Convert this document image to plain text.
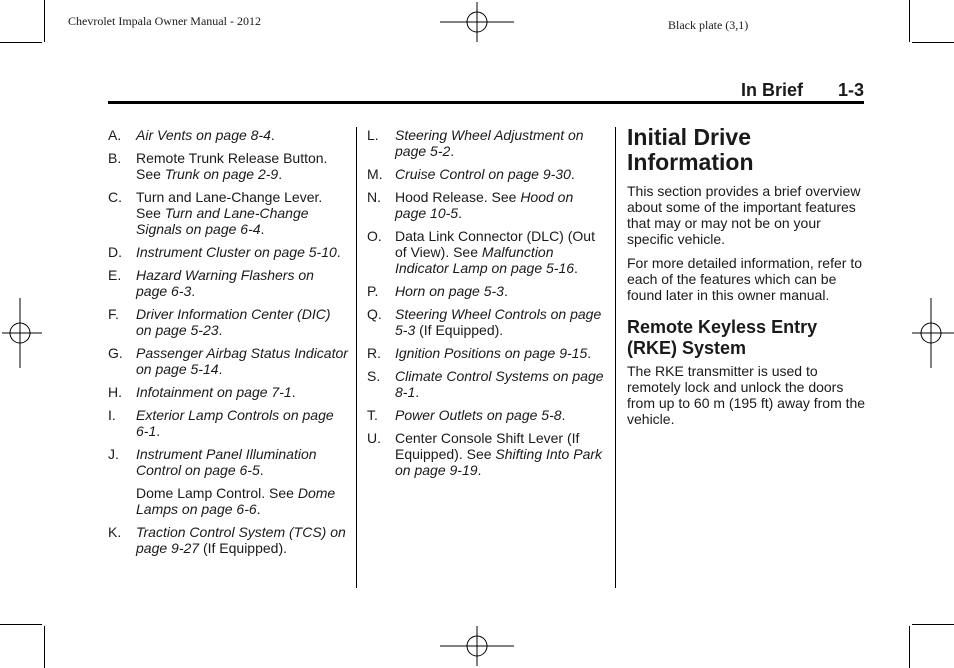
Chevrolet Impala Owner Manual - 2012	Black plate (3,1)
In Brief 1-3
A. Air Vents on page 8-4.
B. Remote Trunk Release Button. See Trunk on page 2-9.
C. Turn and Lane-Change Lever. See Turn and Lane-Change Signals on page 6-4.
D. Instrument Cluster on page 5-10.
E. Hazard Warning Flashers on page 6-3.
F. Driver Information Center (DIC) on page 5-23.
G. Passenger Airbag Status Indicator on page 5-14.
H. Infotainment on page 7-1.
I. Exterior Lamp Controls on page 6-1.
J. Instrument Panel Illumination Control on page 6-5.
Dome Lamp Control. See Dome Lamps on page 6-6.
K. Traction Control System (TCS) on page 9-27 (If Equipped).
L. Steering Wheel Adjustment on page 5-2.
M. Cruise Control on page 9-30.
N. Hood Release. See Hood on page 10-5.
O. Data Link Connector (DLC) (Out of View). See Malfunction Indicator Lamp on page 5-16.
P. Horn on page 5-3.
Q. Steering Wheel Controls on page 5-3 (If Equipped).
R. Ignition Positions on page 9-15.
S. Climate Control Systems on page 8-1.
T. Power Outlets on page 5-8.
U. Center Console Shift Lever (If Equipped). See Shifting Into Park on page 9-19.
Initial Drive Information
This section provides a brief overview about some of the important features that may or may not be on your specific vehicle.
For more detailed information, refer to each of the features which can be found later in this owner manual.
Remote Keyless Entry (RKE) System
The RKE transmitter is used to remotely lock and unlock the doors from up to 60 m (195 ft) away from the vehicle.
